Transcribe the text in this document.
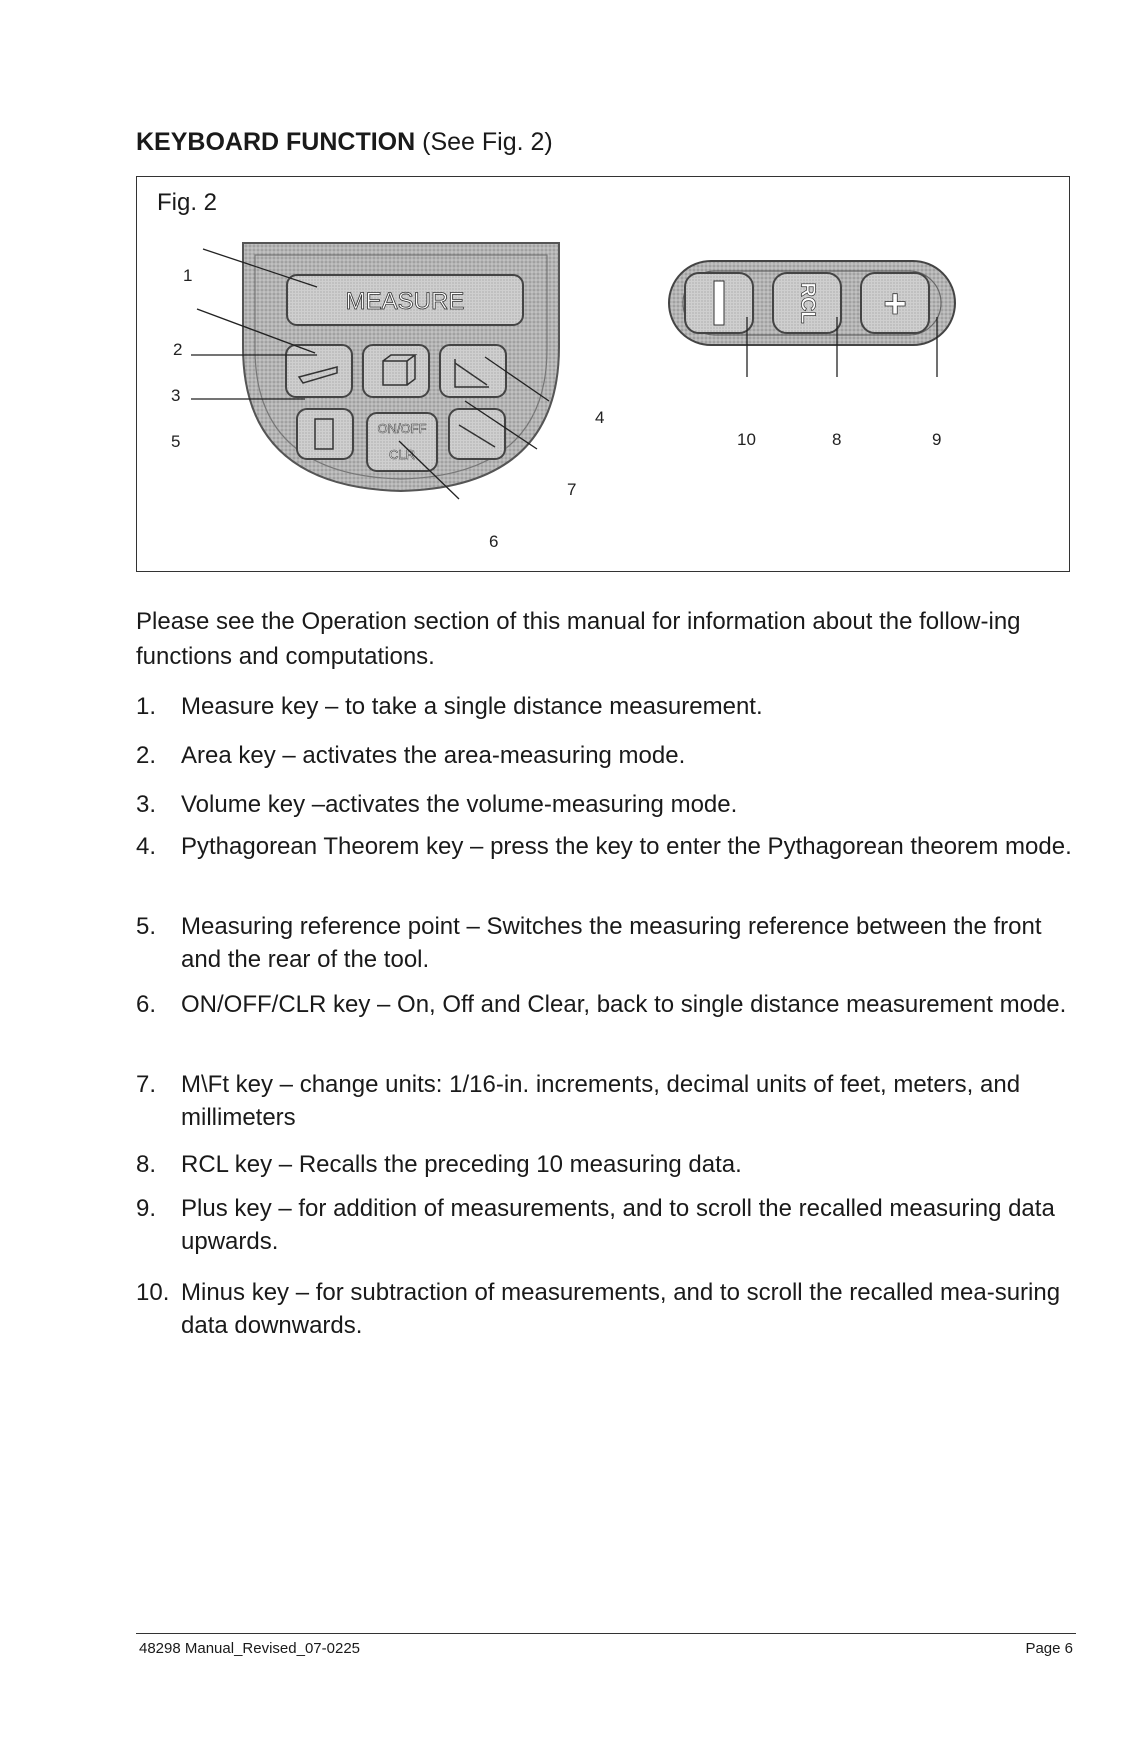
KEYBOARD FUNCTION (See Fig. 2)
Fig. 2
MEASURE
ON/OFF
CLR
1
2
3
5
4
7
6
RCL +
10	8	9

Please see the Operation section of this manual for information about the follow-ing functions and computations.

1. Measure key – to take a single distance measurement.
2. Area key – activates the area-measuring mode.
3. Volume key –activates the volume-measuring mode.
4. Pythagorean Theorem key – press the key to enter the Pythagorean theorem mode.
5. Measuring reference point – Switches the measuring reference between the front and the rear of the tool.
6. ON/OFF/CLR key – On, Off and Clear, back to single distance measurement mode.
7. M\Ft key – change units: 1/16-in. increments, decimal units of feet, meters, and millimeters
8. RCL key – Recalls the preceding 10 measuring data.
9. Plus key – for addition of measurements, and to scroll the recalled measuring data upwards.
10. Minus key – for subtraction of measurements, and to scroll the recalled mea-suring data downwards.
48298 Manual_Revised_07-0225	Page 6
